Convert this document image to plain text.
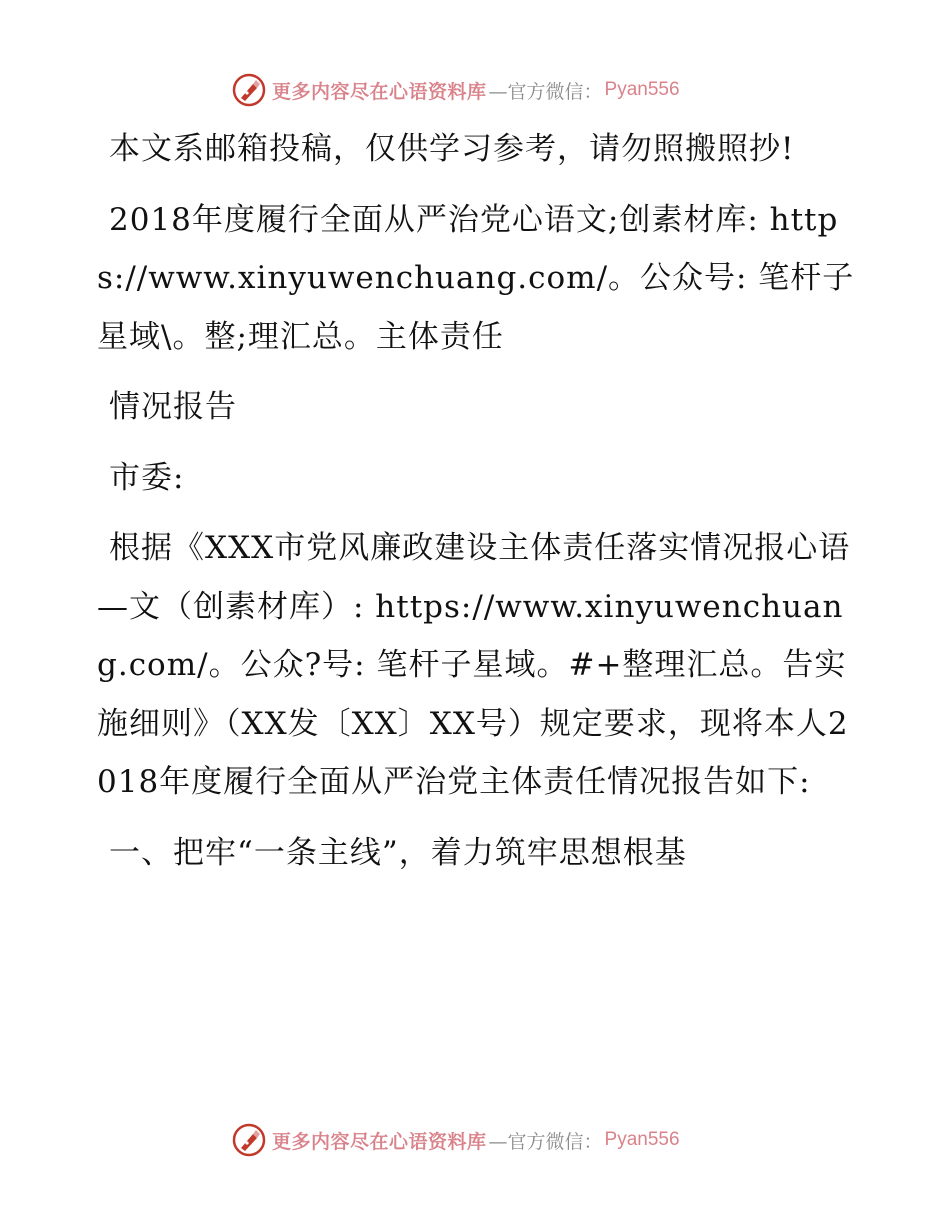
更多内容尽在心语资料库 —官方微信： Pyan556

本文系邮箱投稿，仅供学习参考，请勿照搬照抄!

2018年度履行全面从严治党心语文;创素材库: https://www.xinyuwenchuang.com/。公众号: 笔杆子星域\。整;理汇总。主体责任

情况报告

市委:

根据《XXX市党风廉政建设主体责任落实情况报心语—文（创素材库）: https://www.xinyuwenchuang.com/。公众?号: 笔杆子星域。#+整理汇总。告实施细则》（XX发〔XX〕XX号）规定要求，现将本人2018年度履行全面从严治党主体责任情况报告如下:

一、把牢“一条主线”，着力筑牢思想根基

更多内容尽在心语资料库 —官方微信： Pyan556
